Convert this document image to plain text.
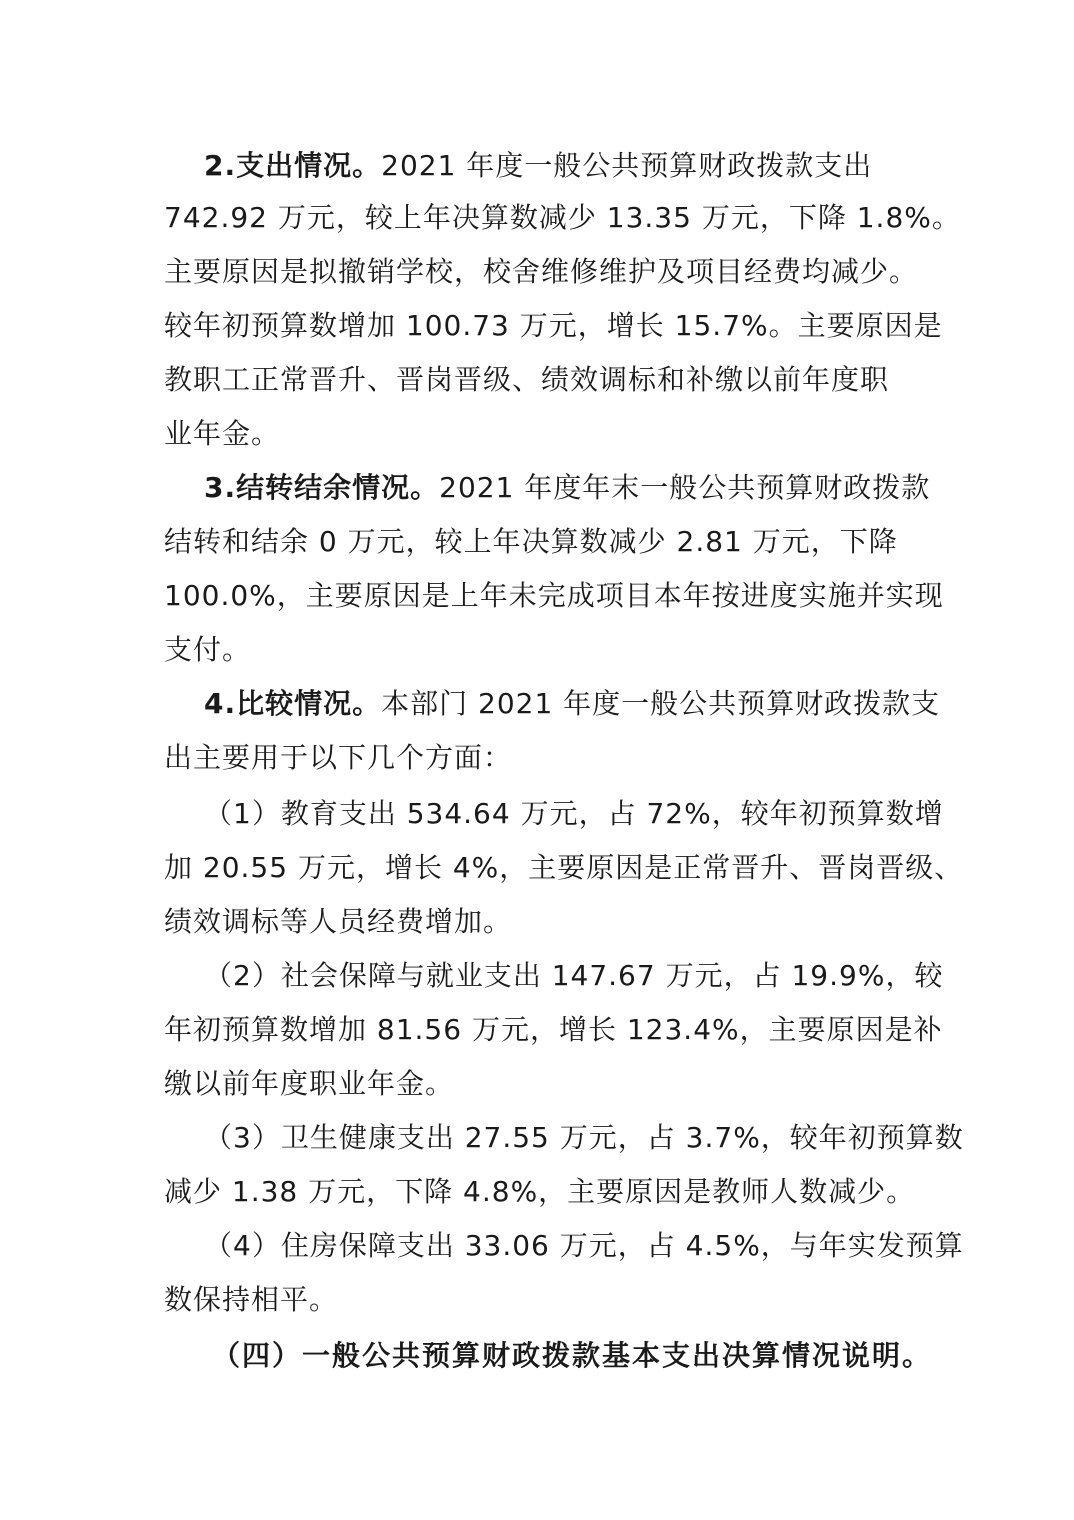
2.支出情况。2021 年度一般公共预算财政拨款支出
742.92 万元，较上年决算数减少 13.35 万元，下降 1.8%。
主要原因是拟撤销学校，校舍维修维护及项目经费均减少。
较年初预算数增加 100.73 万元，增长 15.7%。主要原因是
教职工正常晋升、晋岗晋级、绩效调标和补缴以前年度职
业年金。
3.结转结余情况。2021 年度年末一般公共预算财政拨款
结转和结余 0 万元，较上年决算数减少 2.81 万元，下降
100.0%，主要原因是上年未完成项目本年按进度实施并实现
支付。
4.比较情况。本部门 2021 年度一般公共预算财政拨款支
出主要用于以下几个方面：
（1）教育支出 534.64 万元，占 72%，较年初预算数增
加 20.55 万元，增长 4%，主要原因是正常晋升、晋岗晋级、
绩效调标等人员经费增加。
（2）社会保障与就业支出 147.67 万元，占 19.9%，较
年初预算数增加 81.56 万元，增长 123.4%，主要原因是补
缴以前年度职业年金。
（3）卫生健康支出 27.55 万元，占 3.7%，较年初预算数
减少 1.38 万元，下降 4.8%，主要原因是教师人数减少。
（4）住房保障支出 33.06 万元，占 4.5%，与年实发预算
数保持相平。
（四）一般公共预算财政拨款基本支出决算情况说明。
